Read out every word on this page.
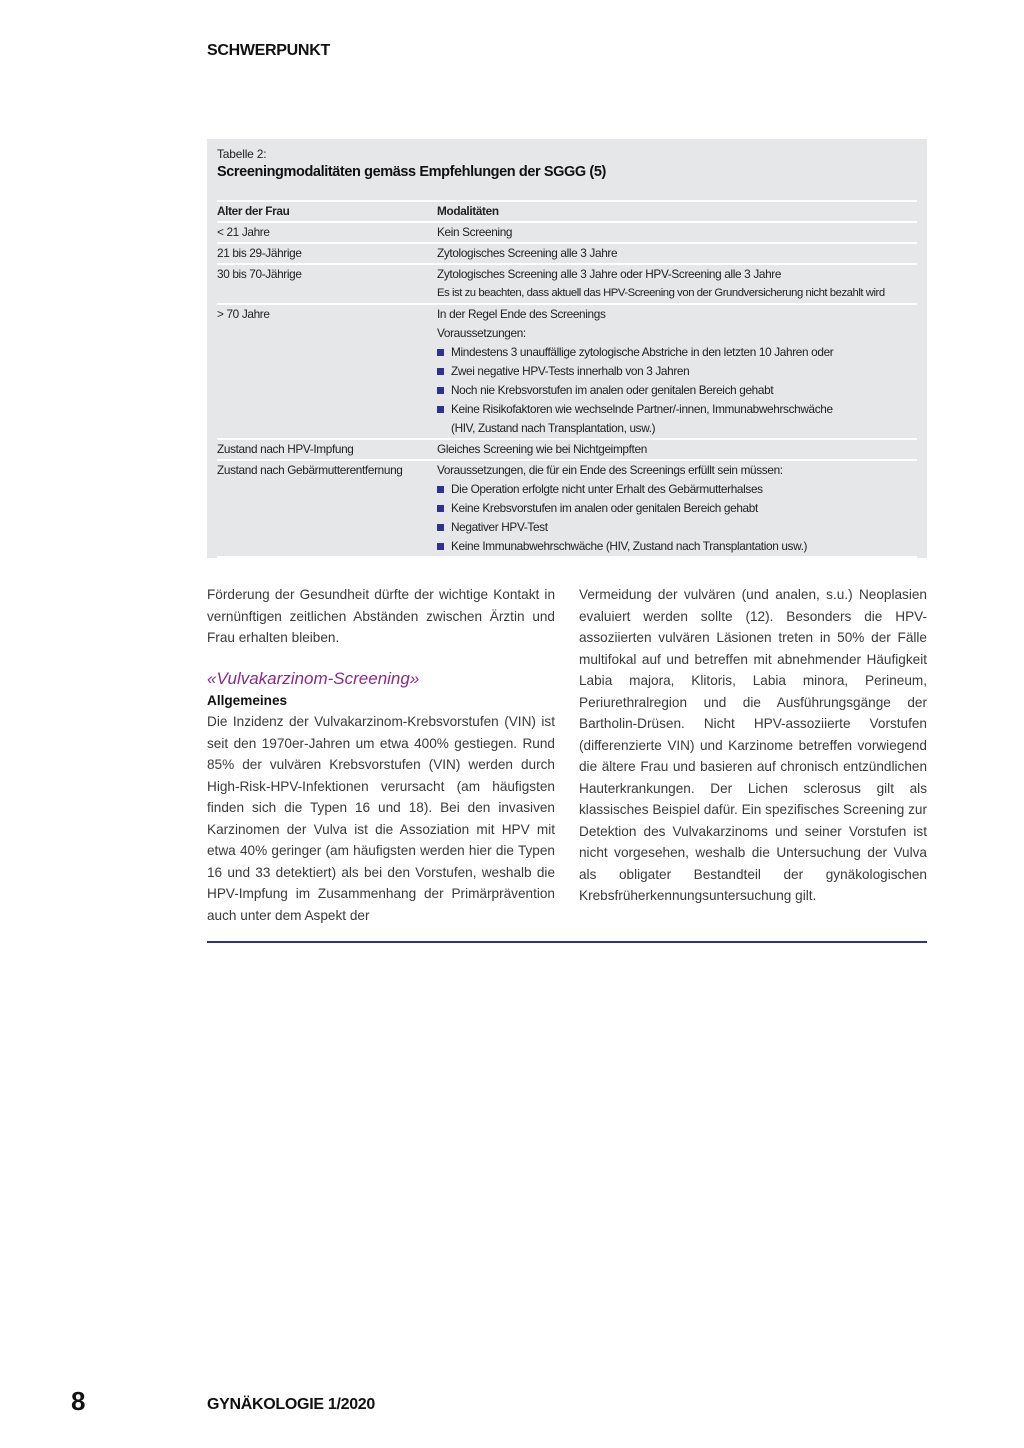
SCHWERPUNKT
Tabelle 2:
Screeningmodalitäten gemäss Empfehlungen der SGGG (5)
Alter der Frau	Modalitäten
< 21 Jahre	Kein Screening
21 bis 29-Jährige	Zytologisches Screening alle 3 Jahre
30 bis 70-Jährige	Zytologisches Screening alle 3 Jahre oder HPV-Screening alle 3 Jahre
Es ist zu beachten, dass aktuell das HPV-Screening von der Grundversicherung nicht bezahlt wird
> 70 Jahre	In der Regel Ende des Screenings
Voraussetzungen:
Mindestens 3 unauffällige zytologische Abstriche in den letzten 10 Jahren oder
Zwei negative HPV-Tests innerhalb von 3 Jahren
Noch nie Krebsvorstufen im analen oder genitalen Bereich gehabt
Keine Risikofaktoren wie wechselnde Partner/-innen, Immunabwehrschwäche
(HIV, Zustand nach Transplantation, usw.)
Zustand nach HPV-Impfung	Gleiches Screening wie bei Nichtgeimpften
Zustand nach Gebärmutterentfernung	Voraussetzungen, die für ein Ende des Screenings erfüllt sein müssen:
Die Operation erfolgte nicht unter Erhalt des Gebärmutterhalses
Keine Krebsvorstufen im analen oder genitalen Bereich gehabt
Negativer HPV-Test
Keine Immunabwehrschwäche (HIV, Zustand nach Transplantation usw.)

Förderung der Gesundheit dürfte der wichtige Kontakt in vernünftigen zeitlichen Abständen zwischen Ärztin und Frau erhalten bleiben.

«Vulvakarzinom-Screening»
Allgemeines

Die Inzidenz der Vulvakarzinom-Krebsvorstufen (VIN) ist seit den 1970er-Jahren um etwa 400% gestiegen. Rund 85% der vulvären Krebsvorstufen (VIN) werden durch High-Risk-HPV-Infektionen verursacht (am häufigsten finden sich die Typen 16 und 18). Bei den invasiven Karzinomen der Vulva ist die Assoziation mit HPV mit etwa 40% geringer (am häufigsten werden hier die Typen 16 und 33 detektiert) als bei den Vorstufen, weshalb die HPV-Impfung im Zusammenhang der Primärprävention auch unter dem Aspekt der

Vermeidung der vulvären (und analen, s.u.) Neoplasien evaluiert werden sollte (12). Besonders die HPV-assoziierten vulvären Läsionen treten in 50% der Fälle multifokal auf und betreffen mit abnehmender Häufigkeit Labia majora, Klitoris, Labia minora, Perineum, Periurethralregion und die Ausführungsgänge der Bartholin-Drüsen. Nicht HPV-assoziierte Vorstufen (differenzierte VIN) und Karzinome betreffen vorwiegend die ältere Frau und basieren auf chronisch entzündlichen Hauterkrankungen. Der Lichen sclerosus gilt als klassisches Beispiel dafür. Ein spezifisches Screening zur Detektion des Vulvakarzinoms und seiner Vorstufen ist nicht vorgesehen, weshalb die Untersuchung der Vulva als obligater Bestandteil der gynäkologischen Krebsfrüherkennungsuntersuchung gilt.

8	GYNÄKOLOGIE 1/2020
